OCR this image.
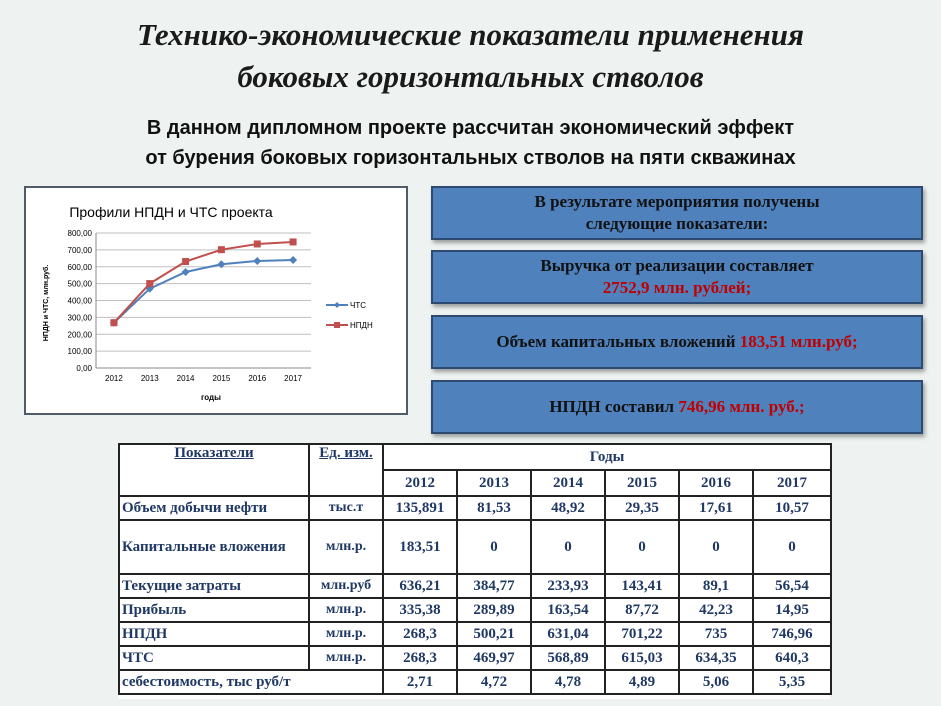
Технико-экономические показатели применения
боковых горизонтальных стволов

В данном дипломном проекте рассчитан экономический эффект
от бурения боковых горизонтальных стволов на пяти скважинах

Профили НПДН и ЧТС проекта
0,00
100,00
200,00
300,00
400,00
500,00
600,00
700,00
800,00
2012 2013 2014 2015 2016 2017
НПДН и ЧТС, млн.руб.
годы
ЧТС
НПДН
В результате мероприятия получены следующие показатели:
Выручка от реализации составляет
2752,9 млн. рублей;
Объем капитальных вложений 183,51 млн.руб;
НПДН составил 746,96 млн. руб.;
Показатели	Ед. изм.	Годы					
		2012	2013	2014	2015	2016	2017
Объем добычи нефти	тыс.т	135,891	81,53	48,92	29,35	17,61	10,57
Капитальные вложения	млн.р.	183,51	0	0	0	0	0
Текущие затраты	млн.руб	636,21	384,77	233,93	143,41	89,1	56,54
Прибыль	млн.р.	335,38	289,89	163,54	87,72	42,23	14,95
НПДН	млн.р.	268,3	500,21	631,04	701,22	735	746,96
ЧТС	млн.р.	268,3	469,97	568,89	615,03	634,35	640,3
себестоимость, тыс руб/т		2,71	4,72	4,78	4,89	5,06	5,35
